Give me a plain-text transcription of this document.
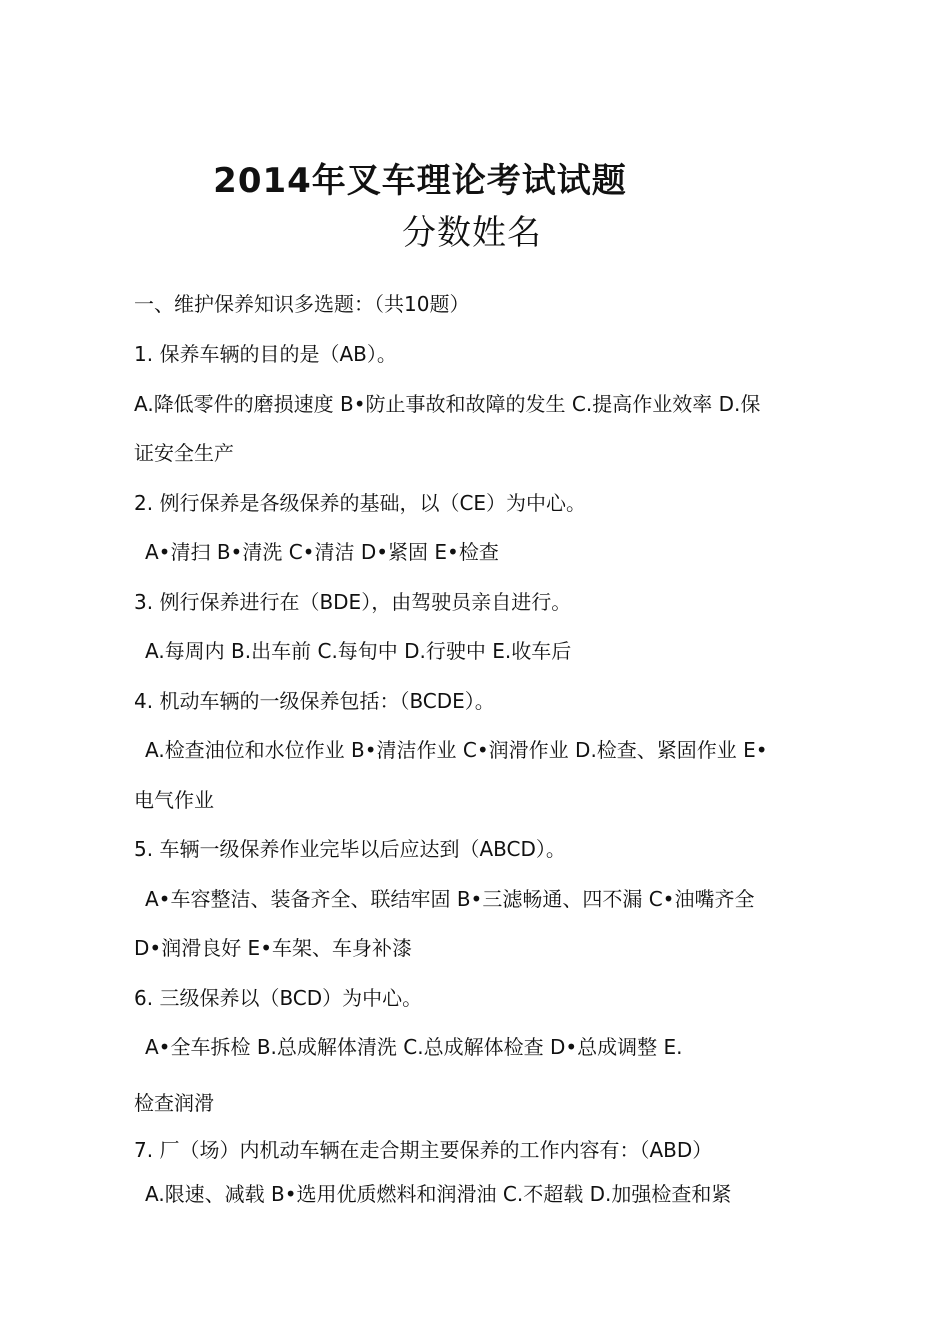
2014年叉车理论考试试题
分数姓名
一、维护保养知识多选题：（共10题）
1. 保养车辆的目的是（AB）。
A.降低零件的磨损速度 B•防止事故和故障的发生 C.提高作业效率 D.保
证安全生产
2. 例行保养是各级保养的基础，以（CE）为中心。
A•清扫 B•清洗 C•清洁 D•紧固 E•检查
3. 例行保养进行在（BDE），由驾驶员亲自进行。
A.每周内 B.出车前 C.每旬中 D.行驶中 E.收车后
4. 机动车辆的一级保养包括：（BCDE）。
A.检查油位和水位作业 B•清洁作业 C•润滑作业 D.检查、紧固作业 E•
电气作业
5. 车辆一级保养作业完毕以后应达到（ABCD）。
A•车容整洁、装备齐全、联结牢固 B•三滤畅通、四不漏 C•油嘴齐全
D•润滑良好 E•车架、车身补漆
6. 三级保养以（BCD）为中心。
A•全车拆检 B.总成解体清洗 C.总成解体检查 D•总成调整 E.
检查润滑
7. 厂（场）内机动车辆在走合期主要保养的工作内容有：（ABD）
A.限速、减载 B•选用优质燃料和润滑油 C.不超载 D.加强检查和紧
